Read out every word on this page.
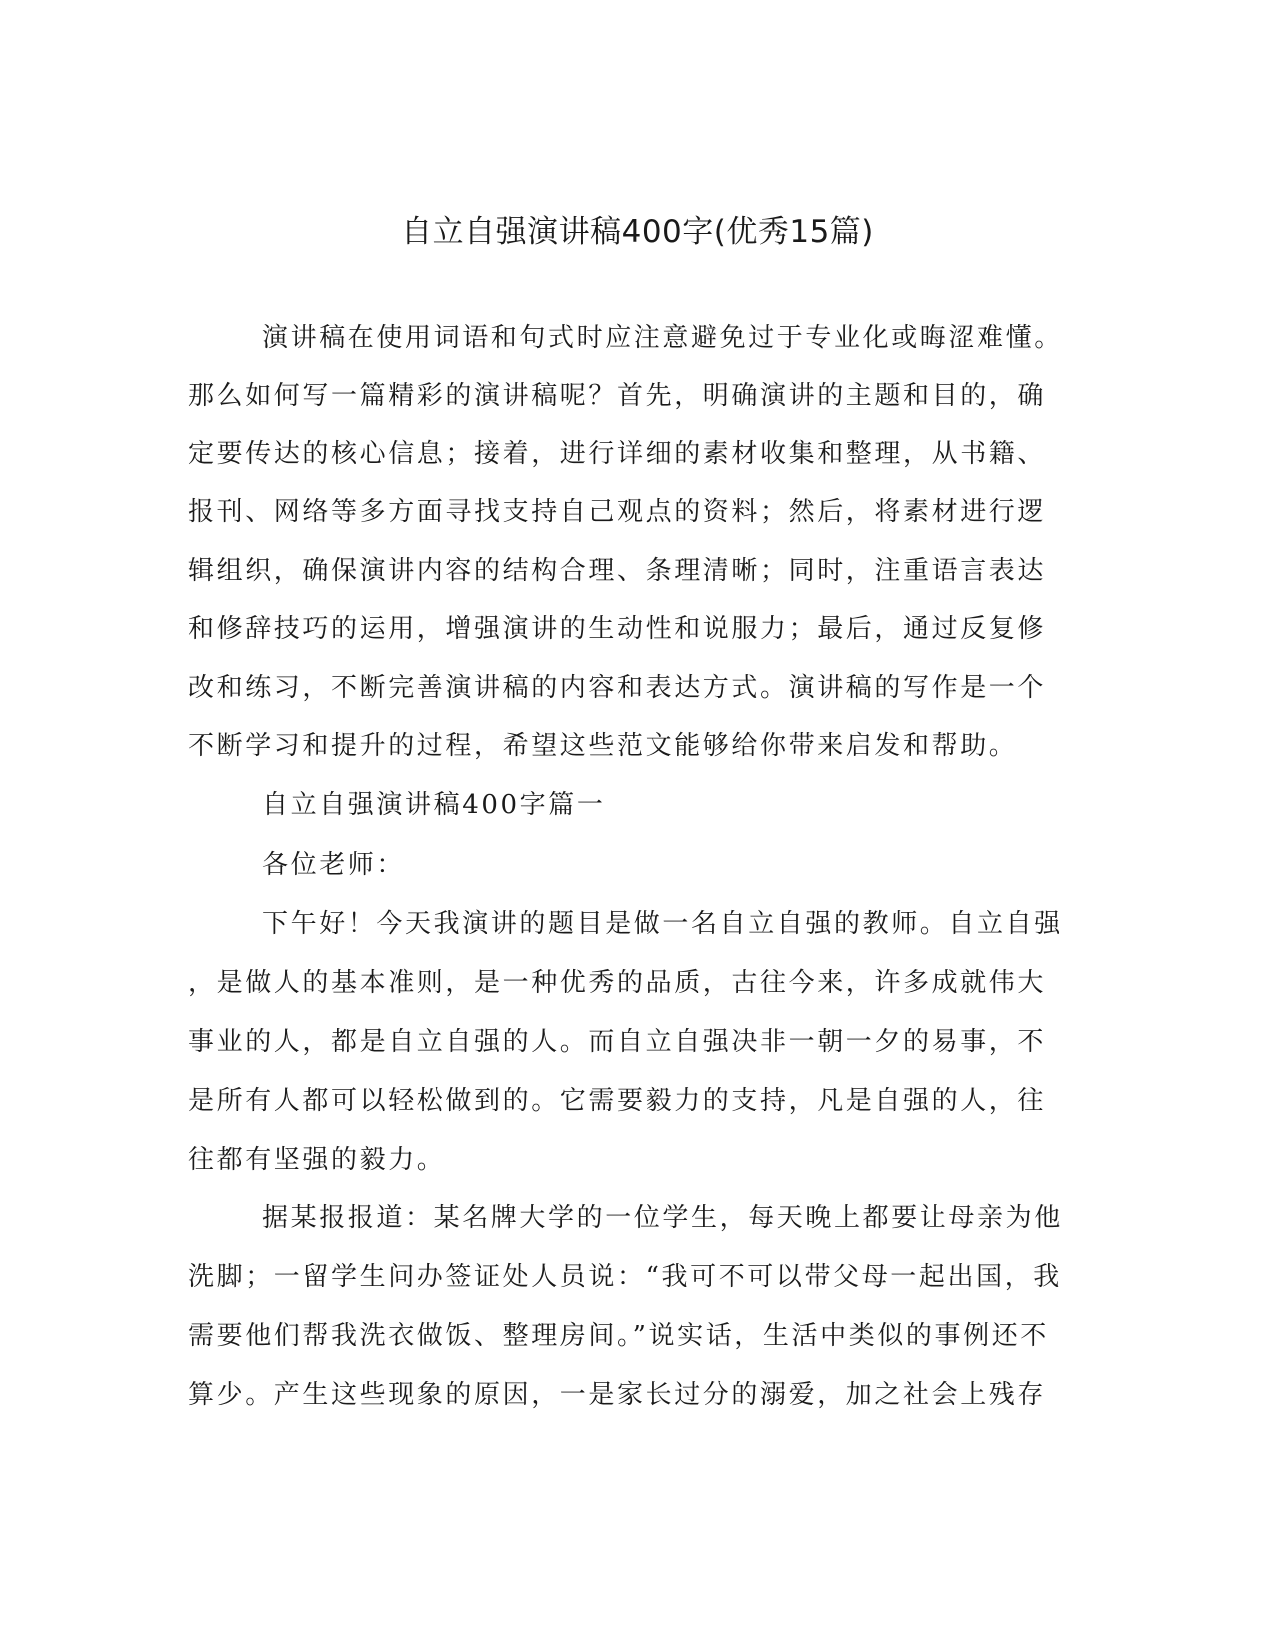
自立自强演讲稿400字(优秀15篇)
演讲稿在使用词语和句式时应注意避免过于专业化或晦涩难懂。
那么如何写一篇精彩的演讲稿呢？首先，明确演讲的主题和目的，确
定要传达的核心信息；接着，进行详细的素材收集和整理，从书籍、
报刊、网络等多方面寻找支持自己观点的资料；然后，将素材进行逻
辑组织，确保演讲内容的结构合理、条理清晰；同时，注重语言表达
和修辞技巧的运用，增强演讲的生动性和说服力；最后，通过反复修
改和练习，不断完善演讲稿的内容和表达方式。演讲稿的写作是一个
不断学习和提升的过程，希望这些范文能够给你带来启发和帮助。
自立自强演讲稿400字篇一
各位老师：
下午好！今天我演讲的题目是做一名自立自强的教师。自立自强
，是做人的基本准则，是一种优秀的品质，古往今来，许多成就伟大
事业的人，都是自立自强的人。而自立自强决非一朝一夕的易事，不
是所有人都可以轻松做到的。它需要毅力的支持，凡是自强的人，往
往都有坚强的毅力。
据某报报道：某名牌大学的一位学生，每天晚上都要让母亲为他
洗脚；一留学生问办签证处人员说：“我可不可以带父母一起出国，我
需要他们帮我洗衣做饭、整理房间。”说实话，生活中类似的事例还不
算少。产生这些现象的原因，一是家长过分的溺爱，加之社会上残存
